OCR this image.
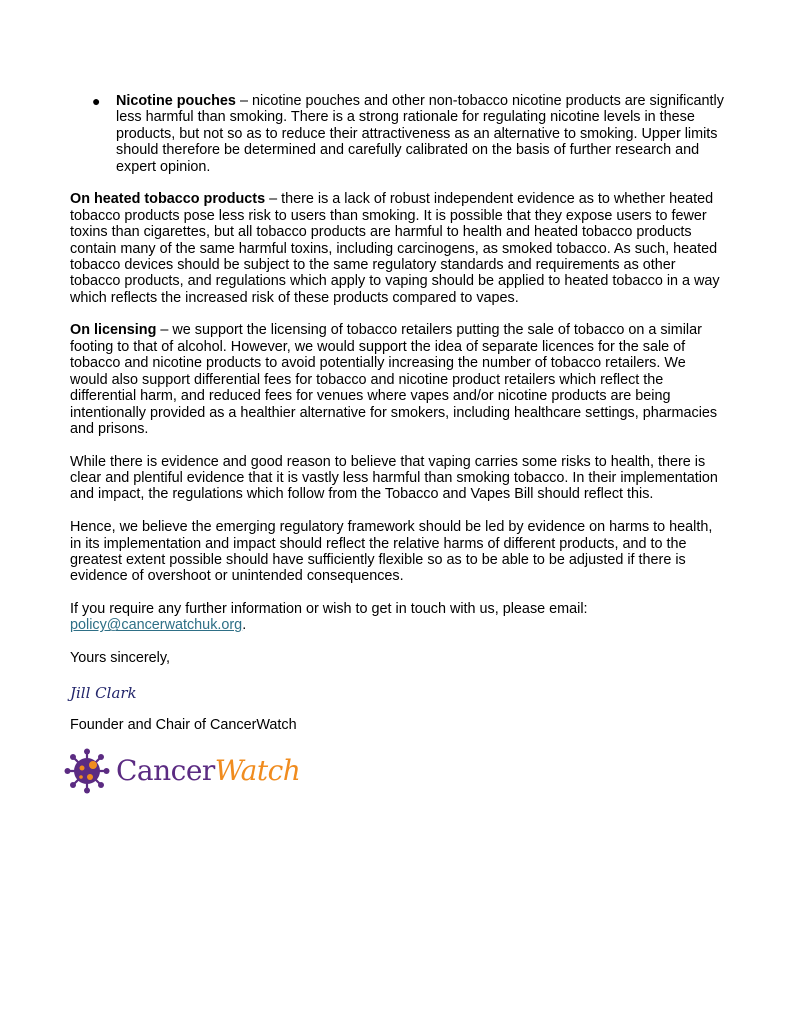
● Nicotine pouches – nicotine pouches and other non-tobacco nicotine products are significantly less harmful than smoking. There is a strong rationale for regulating nicotine levels in these products, but not so as to reduce their attractiveness as an alternative to smoking. Upper limits should therefore be determined and carefully calibrated on the basis of further research and expert opinion.

On heated tobacco products – there is a lack of robust independent evidence as to whether heated tobacco products pose less risk to users than smoking. It is possible that they expose users to fewer toxins than cigarettes, but all tobacco products are harmful to health and heated tobacco products contain many of the same harmful toxins, including carcinogens, as smoked tobacco. As such, heated tobacco devices should be subject to the same regulatory standards and requirements as other tobacco products, and regulations which apply to vaping should be applied to heated tobacco in a way which reflects the increased risk of these products compared to vapes.

On licensing – we support the licensing of tobacco retailers putting the sale of tobacco on a similar footing to that of alcohol. However, we would support the idea of separate licences for the sale of tobacco and nicotine products to avoid potentially increasing the number of tobacco retailers. We would also support differential fees for tobacco and nicotine product retailers which reflect the differential harm, and reduced fees for venues where vapes and/or nicotine products are being intentionally provided as a healthier alternative for smokers, including healthcare settings, pharmacies and prisons.

While there is evidence and good reason to believe that vaping carries some risks to health, there is clear and plentiful evidence that it is vastly less harmful than smoking tobacco. In their implementation and impact, the regulations which follow from the Tobacco and Vapes Bill should reflect this.

Hence, we believe the emerging regulatory framework should be led by evidence on harms to health, in its implementation and impact should reflect the relative harms of different products, and to the greatest extent possible should have sufficiently flexible so as to be able to be adjusted if there is evidence of overshoot or unintended consequences.

If you require any further information or wish to get in touch with us, please email:
policy@cancerwatchuk.org.

Yours sincerely,

Jill Clark

Founder and Chair of CancerWatch

CancerWatch
